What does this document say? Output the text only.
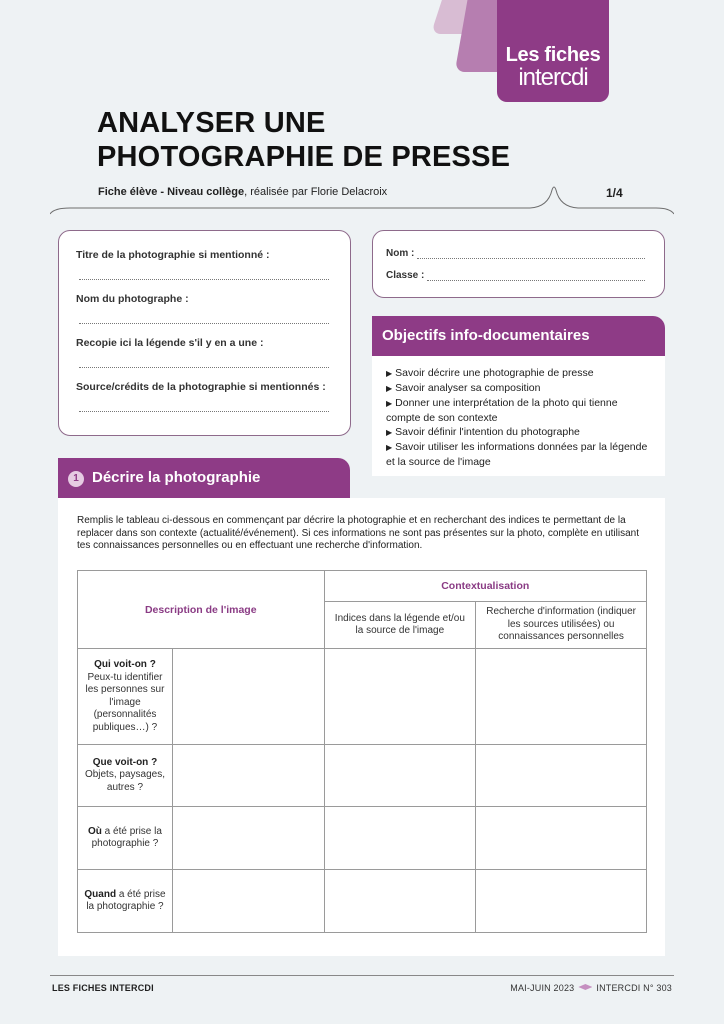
Les fiches
intercdi
ANALYSER UNE
PHOTOGRAPHIE DE PRESSE
Fiche élève - Niveau collège, réalisée par Florie Delacroix	1/4
Titre de la photographie si mentionné :
Nom du photographe :
Recopie ici la légende s'il y en a une :
Source/crédits de la photographie si mentionnés :
Nom :
Classe :
Objectifs info-documentaires
▶ Savoir décrire une photographie de presse
▶ Savoir analyser sa composition
▶ Donner une interprétation de la photo qui tienne compte de son contexte
▶ Savoir définir l'intention du photographe
▶ Savoir utiliser les informations données par la légende et la source de l'image
1 Décrire la photographie
Remplis le tableau ci-dessous en commençant par décrire la photographie et en recherchant des indices te permettant de la replacer dans son contexte (actualité/événement). Si ces informations ne sont pas présentes sur la photo, complète en utilisant tes connaissances personnelles ou en effectuant une recherche d'information.
Description de l'image		Contextualisation	
		Indices dans la légende et/ou la source de l'image	Recherche d'information (indiquer les sources utilisées) ou connaissances personnelles
Qui voit-on ?
Peux-tu identifier les personnes sur l'image (personnalités publiques…) ?			
Que voit-on ?
Objets, paysages, autres ?			
Où a été prise la photographie ?			
Quand a été prise la photographie ?			
LES FICHES INTERCDI	MAI-JUIN 2023 INTERCDI N° 303
